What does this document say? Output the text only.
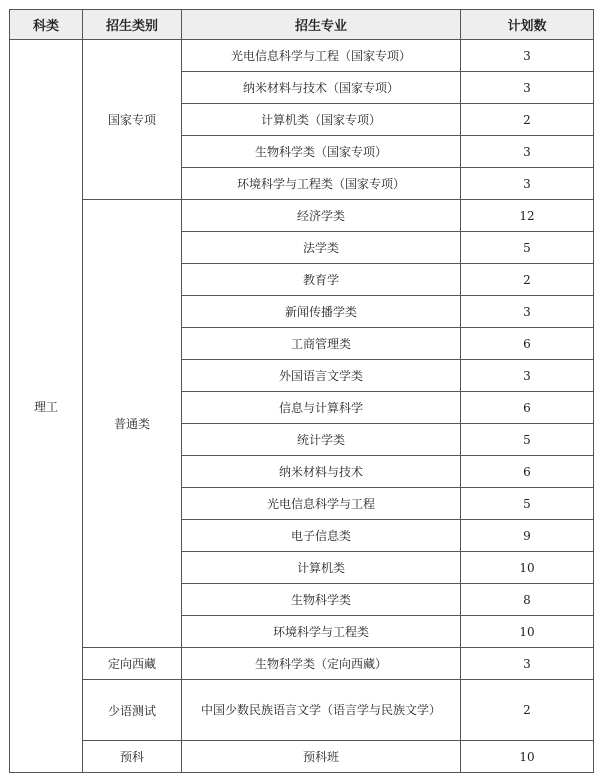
科类	招生类别	招生专业	计划数
理工	国家专项	光电信息科学与工程（国家专项）	3
		纳米材料与技术（国家专项）	3
		计算机类（国家专项）	2
		生物科学类（国家专项）	3
		环境科学与工程类（国家专项）	3
	普通类	经济学类	12
		法学类	5
		教育学	2
		新闻传播学类	3
		工商管理类	6
		外国语言文学类	3
		信息与计算科学	6
		统计学类	5
		纳米材料与技术	6
		光电信息科学与工程	5
		电子信息类	9
		计算机类	10
		生物科学类	8
		环境科学与工程类	10
	定向西藏	生物科学类（定向西藏）	3
	少语测试	中国少数民族语言文学（语言学与民族文学）	2
	预科	预科班	10
